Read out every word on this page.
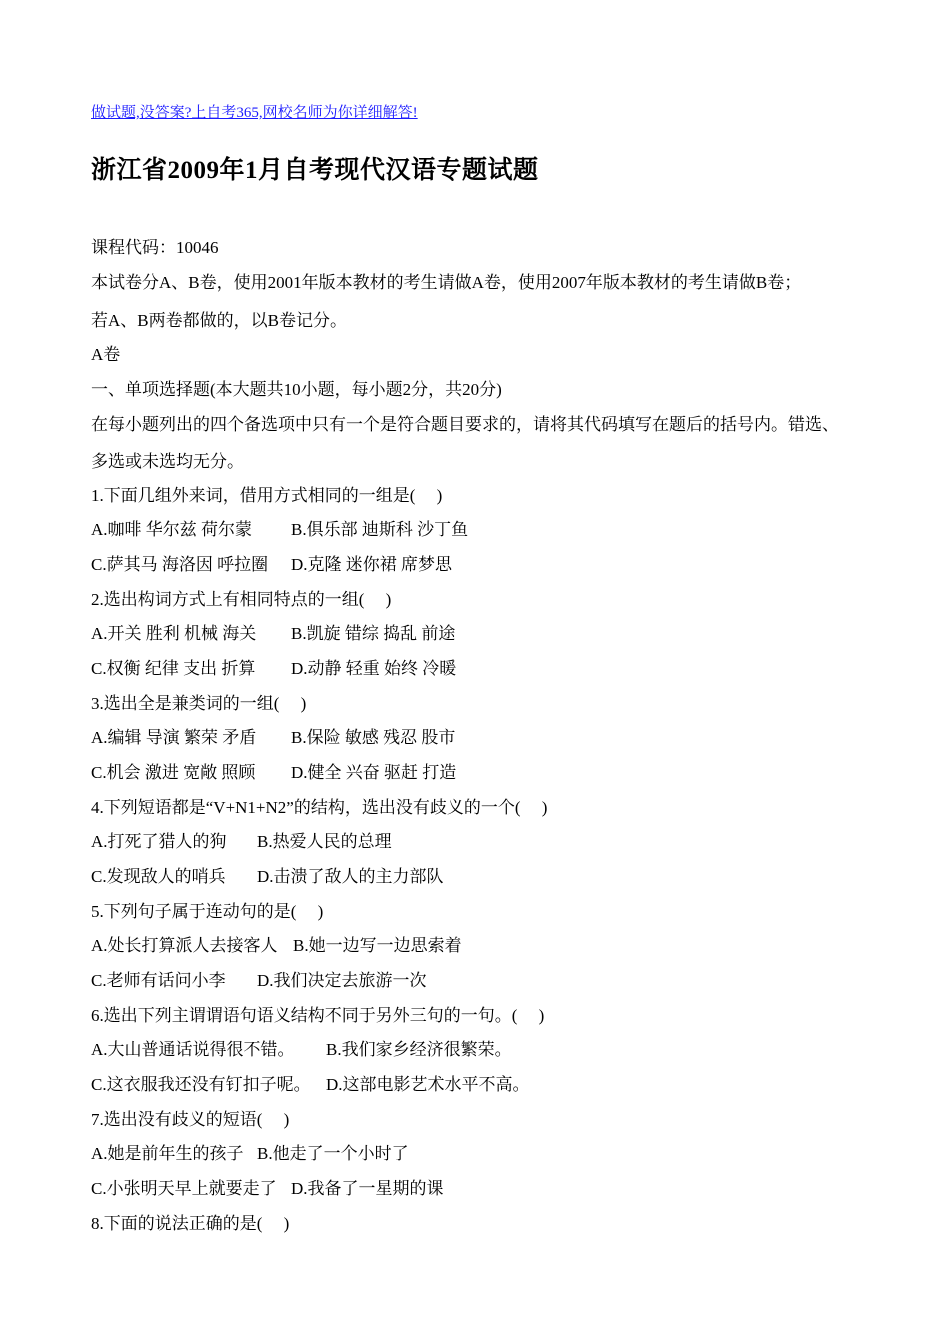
做试题,没答案?上自考365,网校名师为你详细解答!
浙江省2009年1月自考现代汉语专题试题
课程代码：10046
本试卷分A、B卷，使用2001年版本教材的考生请做A卷，使用2007年版本教材的考生请做B卷；
若A、B两卷都做的，以B卷记分。
A卷
一、单项选择题(本大题共10小题，每小题2分，共20分)
在每小题列出的四个备选项中只有一个是符合题目要求的，请将其代码填写在题后的括号内。错选、
多选或未选均无分。
1.下面几组外来词，借用方式相同的一组是(　 )
A.咖啡 华尔兹 荷尔蒙 B.俱乐部 迪斯科 沙丁鱼
C.萨其马 海洛因 呼拉圈 D.克隆 迷你裙 席梦思
2.选出构词方式上有相同特点的一组(　 )
A.开关 胜利 机械 海关 B.凯旋 错综 捣乱 前途
C.权衡 纪律 支出 折算 D.动静 轻重 始终 冷暖
3.选出全是兼类词的一组(　 )
A.编辑 导演 繁荣 矛盾 B.保险 敏感 残忍 股市
C.机会 激进 宽敞 照顾 D.健全 兴奋 驱赶 打造
4.下列短语都是“V+N1+N2”的结构，选出没有歧义的一个(　 )
A.打死了猎人的狗 B.热爱人民的总理
C.发现敌人的哨兵 D.击溃了敌人的主力部队
5.下列句子属于连动句的是(　 )
A.处长打算派人去接客人 B.她一边写一边思索着
C.老师有话问小李 D.我们决定去旅游一次
6.选出下列主谓谓语句语义结构不同于另外三句的一句。(　 )
A.大山普通话说得很不错。 B.我们家乡经济很繁荣。
C.这衣服我还没有钉扣子呢。 D.这部电影艺术水平不高。
7.选出没有歧义的短语(　 )
A.她是前年生的孩子 B.他走了一个小时了
C.小张明天早上就要走了 D.我备了一星期的课
8.下面的说法正确的是(　 )
